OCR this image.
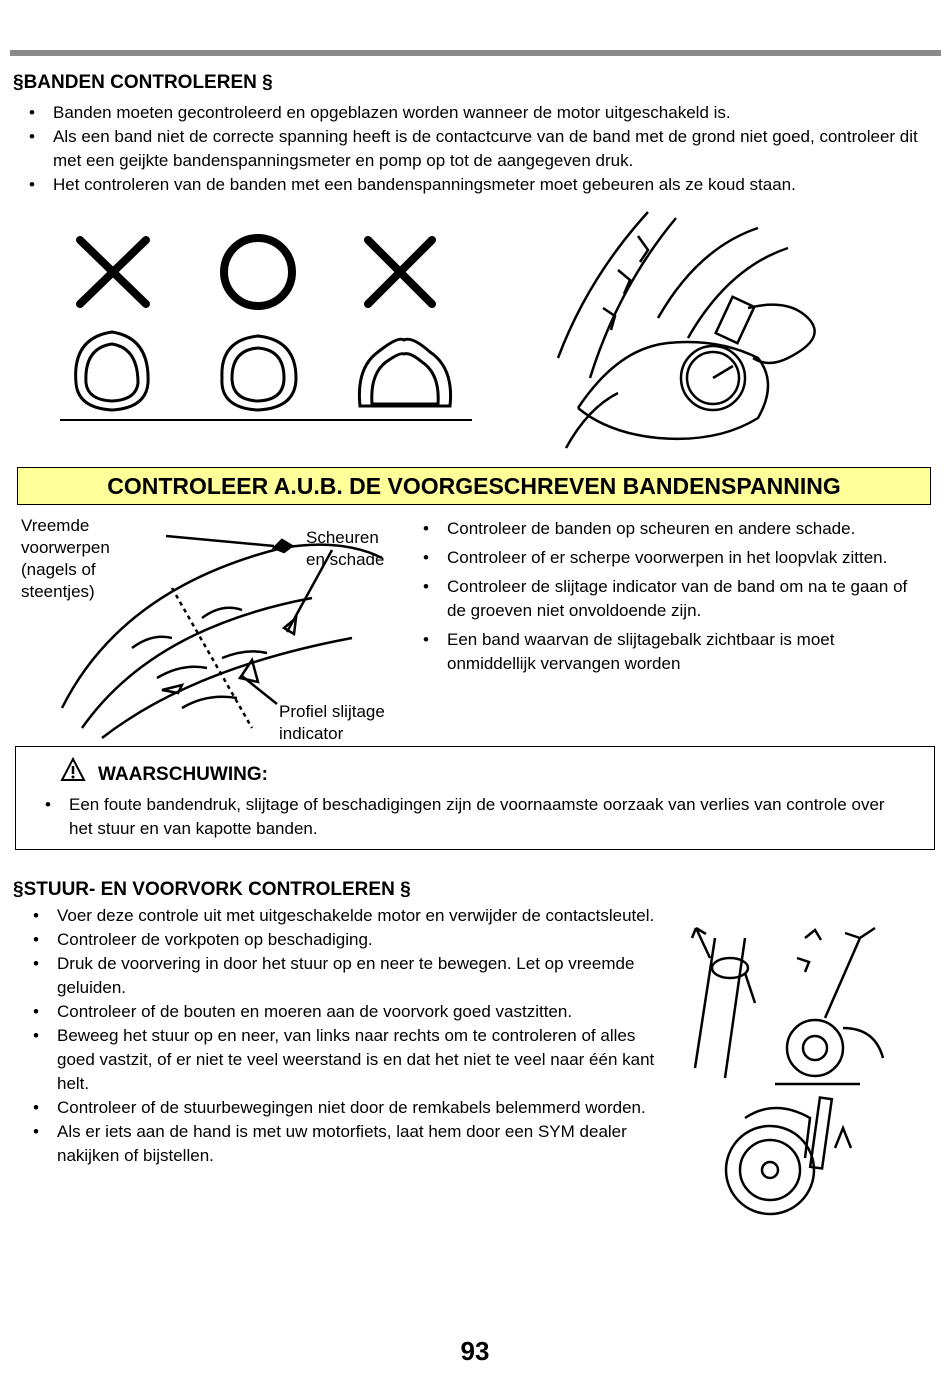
§BANDEN CONTROLEREN §
• Banden moeten gecontroleerd en opgeblazen worden wanneer de motor uitgeschakeld is.
• Als een band niet de correcte spanning heeft is de contactcurve van de band met de grond niet goed, controleer dit met een geijkte bandenspanningsmeter en pomp op tot de aangegeven druk.
• Het controleren van de banden met een bandenspanningsmeter moet gebeuren als ze koud staan.
CONTROLEER A.U.B. DE VOORGESCHREVEN BANDENSPANNING
Vreemde
voorwerpen
(nagels of
steentjes)
Scheuren
en schade
Profiel slijtage
indicator
• Controleer de banden op scheuren en andere schade.
• Controleer of er scherpe voorwerpen in het loopvlak zitten.
• Controleer de slijtage indicator van de band om na te gaan of de groeven niet onvoldoende zijn.
• Een band waarvan de slijtagebalk zichtbaar is moet onmiddellijk vervangen worden
WAARSCHUWING:
• Een foute bandendruk, slijtage of beschadigingen zijn de voornaamste oorzaak van verlies van controle over het stuur en van kapotte banden.
§STUUR- EN VOORVORK CONTROLEREN §
• Voer deze controle uit met uitgeschakelde motor en verwijder de contactsleutel.
• Controleer de vorkpoten op beschadiging.
• Druk de voorvering in door het stuur op en neer te bewegen. Let op vreemde geluiden.
• Controleer of de bouten en moeren aan de voorvork goed vastzitten.
• Beweeg het stuur op en neer, van links naar rechts om te controleren of alles goed vastzit, of er niet te veel weerstand is en dat het niet te veel naar één kant helt.
• Controleer of de stuurbewegingen niet door de remkabels belemmerd worden.
• Als er iets aan de hand is met uw motorfiets, laat hem door een SYM dealer nakijken of bijstellen.
93
